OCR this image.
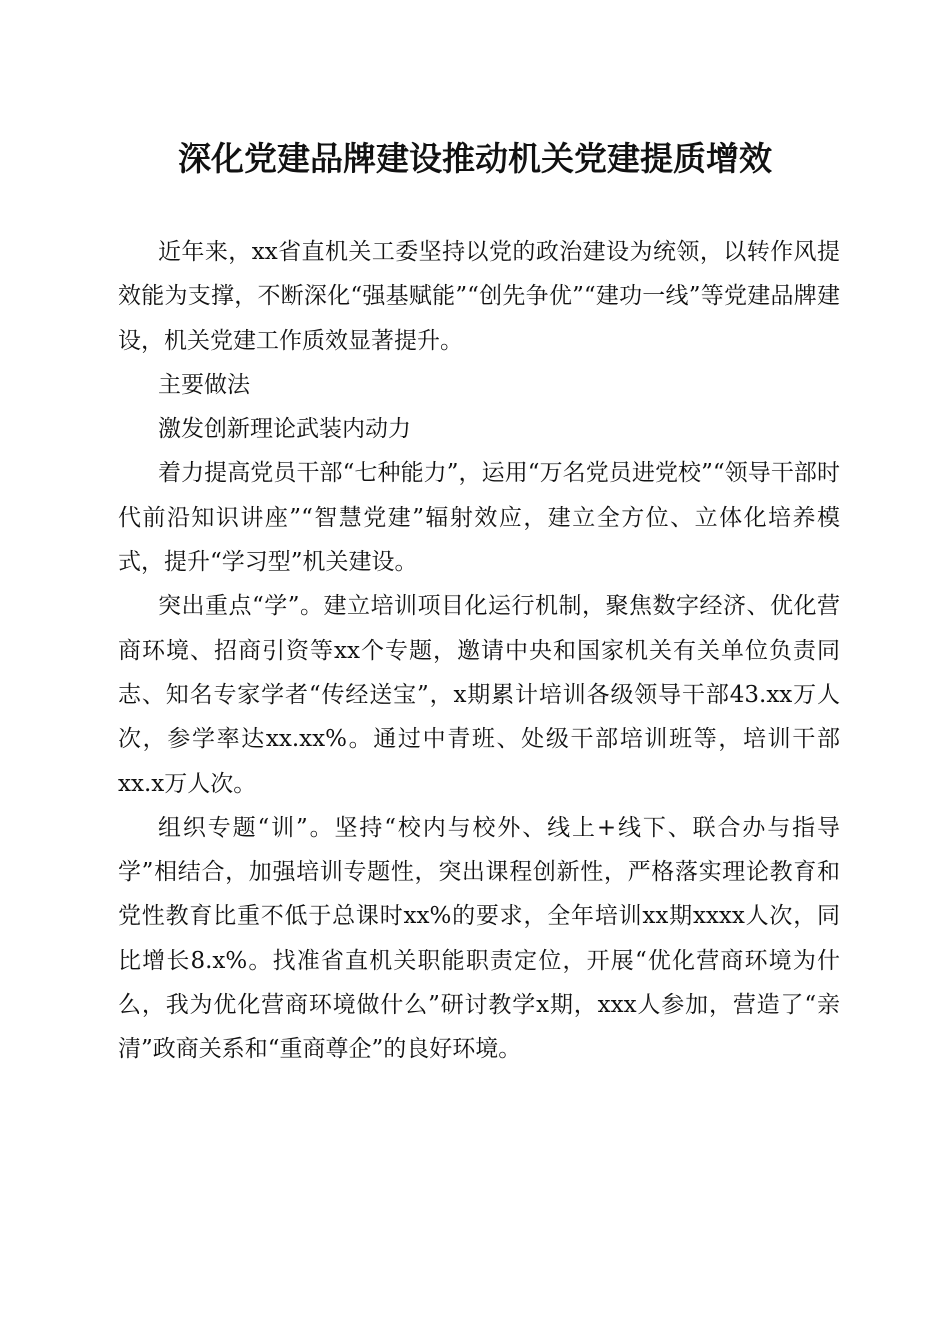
深化党建品牌建设推动机关党建提质增效

近年来，xx省直机关工委坚持以党的政治建设为统领，以转作风提效能为支撑，不断深化“强基赋能”“创先争优”“建功一线”等党建品牌建设，机关党建工作质效显著提升。

主要做法

激发创新理论武装内动力

着力提高党员干部“七种能力”，运用“万名党员进党校”“领导干部时代前沿知识讲座”“智慧党建”辐射效应，建立全方位、立体化培养模式，提升“学习型”机关建设。

突出重点“学”。建立培训项目化运行机制，聚焦数字经济、优化营商环境、招商引资等xx个专题，邀请中央和国家机关有关单位负责同志、知名专家学者“传经送宝”，x期累计培训各级领导干部43.xx万人次，参学率达xx.xx%。通过中青班、处级干部培训班等，培训干部xx.x万人次。

组织专题“训”。坚持“校内与校外、线上+线下、联合办与指导学”相结合，加强培训专题性，突出课程创新性，严格落实理论教育和党性教育比重不低于总课时xx%的要求，全年培训xx期xxxx人次，同比增长8.x%。找准省直机关职能职责定位，开展“优化营商环境为什么，我为优化营商环境做什么”研讨教学x期，xxx人参加，营造了“亲清”政商关系和“重商尊企”的良好环境。
